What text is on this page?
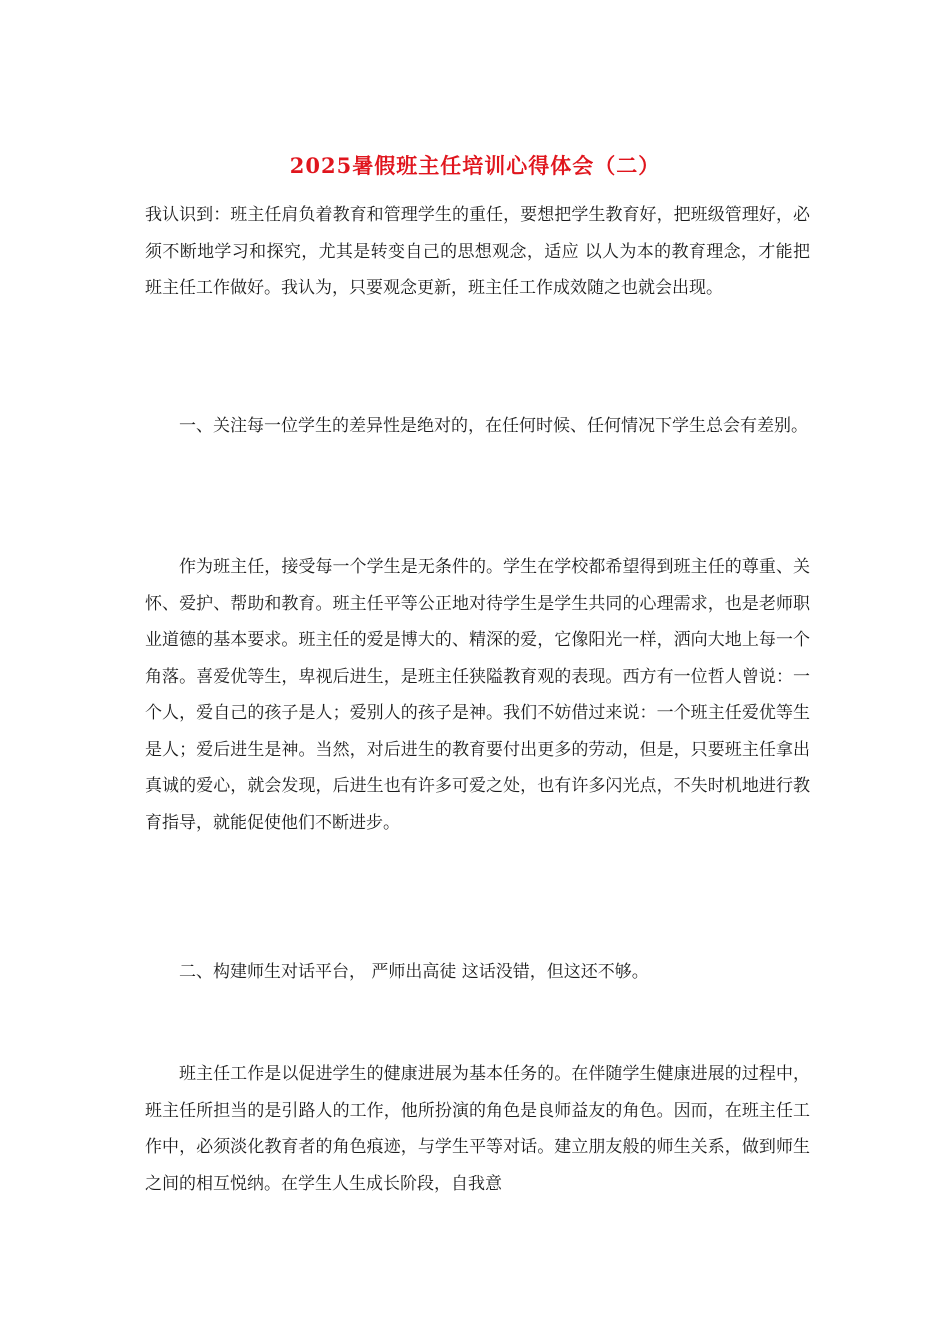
2025暑假班主任培训心得体会（二）

我认识到：班主任肩负着教育和管理学生的重任，要想把学生教育好，把班级管理好，必须不断地学习和探究，尤其是转变自己的思想观念，适应 以人为本的教育理念，才能把班主任工作做好。我认为，只要观念更新，班主任工作成效随之也就会出现。

一、关注每一位学生的差异性是绝对的，在任何时候、任何情况下学生总会有差别。

作为班主任，接受每一个学生是无条件的。学生在学校都希望得到班主任的尊重、关怀、爱护、帮助和教育。班主任平等公正地对待学生是学生共同的心理需求，也是老师职业道德的基本要求。班主任的爱是博大的、精深的爱，它像阳光一样，洒向大地上每一个角落。喜爱优等生，卑视后进生，是班主任狭隘教育观的表现。西方有一位哲人曾说：一个人，爱自己的孩子是人；爱别人的孩子是神。我们不妨借过来说：一个班主任爱优等生是人；爱后进生是神。当然，对后进生的教育要付出更多的劳动，但是，只要班主任拿出真诚的爱心，就会发现，后进生也有许多可爱之处，也有许多闪光点，不失时机地进行教育指导，就能促使他们不断进步。

二、构建师生对话平台， 严师出高徒 这话没错，但这还不够。

班主任工作是以促进学生的健康进展为基本任务的。在伴随学生健康进展的过程中，班主任所担当的是引路人的工作，他所扮演的角色是良师益友的角色。因而，在班主任工作中，必须淡化教育者的角色痕迹，与学生平等对话。建立朋友般的师生关系，做到师生之间的相互悦纳。在学生人生成长阶段，自我意
